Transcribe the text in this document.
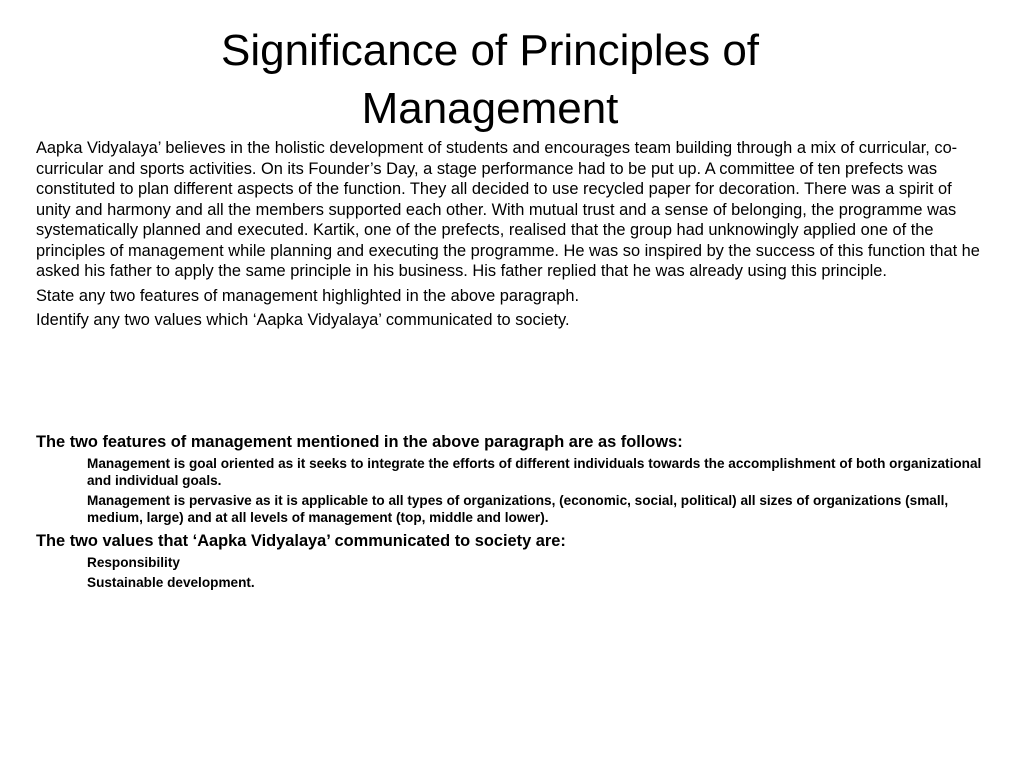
Significance of Principles of Management

Aapka Vidyalaya’ believes in the holistic development of students and encourages team building through a mix of curricular, co-curricular and sports activities. On its Founder’s Day, a stage performance had to be put up. A committee of ten prefects was constituted to plan different aspects of the function. They all decided to use recycled paper for decoration. There was a spirit of unity and harmony and all the members supported each other. With mutual trust and a sense of belonging, the programme was systematically planned and executed. Kartik, one of the prefects, realised that the group had unknowingly applied one of the principles of management while planning and executing the programme. He was so inspired by the success of this function that he asked his father to apply the same principle in his business. His father replied that he was already using this principle.

State any two features of management highlighted in the above paragraph.

Identify any two values which ‘Aapka Vidyalaya’ communicated to society.

The two features of management mentioned in the above paragraph are as follows:

Management is goal oriented as it seeks to integrate the efforts of different individuals towards the accomplishment of both organizational and individual goals.

Management is pervasive as it is applicable to all types of organizations, (economic, social, political) all sizes of organizations (small, medium, large) and at all levels of management (top, middle and lower).

The two values that ‘Aapka Vidyalaya’ communicated to society are:

Responsibility

Sustainable development.
